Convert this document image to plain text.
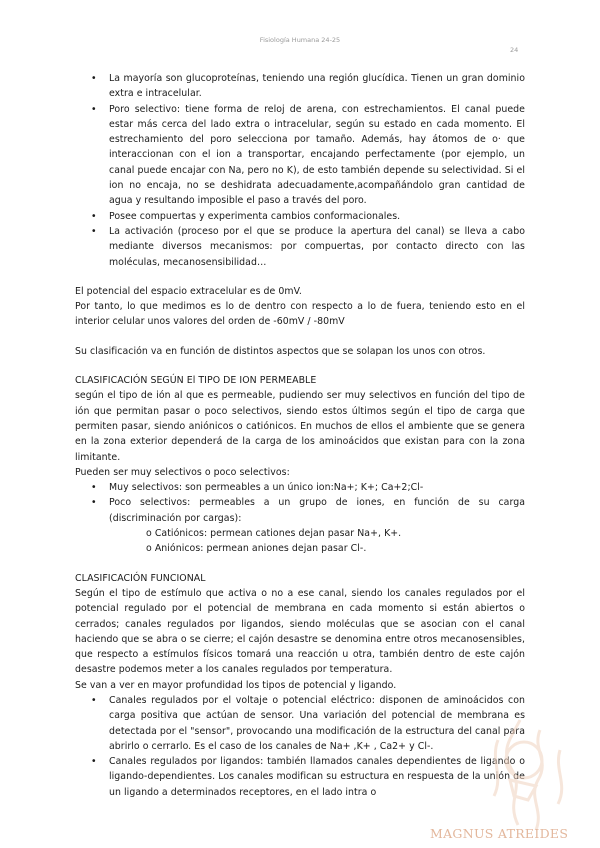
Fisiología Humana 24-25
24
• La mayoría son glucoproteínas, teniendo una región glucídica. Tienen un gran dominio extra e intracelular.
• Poro selectivo: tiene forma de reloj de arena, con estrechamientos. El canal puede estar más cerca del lado extra o intracelular, según su estado en cada momento. El estrechamiento del poro selecciona por tamaño. Además, hay átomos de o· que interaccionan con el ion a transportar, encajando perfectamente (por ejemplo, un canal puede encajar con Na, pero no K), de esto también depende su selectividad. Si el ion no encaja, no se deshidrata adecuadamente,acompañándolo gran cantidad de agua y resultando imposible el paso a través del poro.
• Posee compuertas y experimenta cambios conformacionales.
• La activación (proceso por el que se produce la apertura del canal) se lleva a cabo mediante diversos mecanismos: por compuertas, por contacto directo con las moléculas, mecanosensibilidad…

El potencial del espacio extracelular es de 0mV.

Por tanto, lo que medimos es lo de dentro con respecto a lo de fuera, teniendo esto en el interior celular unos valores del orden de -60mV / -80mV

Su clasificación va en función de distintos aspectos que se solapan los unos con otros.

CLASIFICACIÓN SEGÚN El TIPO DE ION PERMEABLE

según el tipo de ión al que es permeable, pudiendo ser muy selectivos en función del tipo de ión que permitan pasar o poco selectivos, siendo estos últimos según el tipo de carga que permiten pasar, siendo aniónicos o catiónicos. En muchos de ellos el ambiente que se genera en la zona exterior dependerá de la carga de los aminoácidos que existan para con la zona limitante.

Pueden ser muy selectivos o poco selectivos:

• Muy selectivos: son permeables a un único ion:Na+; K+; Ca+2;Cl-
• Poco selectivos: permeables a un grupo de iones, en función de su carga (discriminación por cargas):

o Catiónicos: permean cationes dejan pasar Na+, K+.

o Aniónicos: permean aniones dejan pasar Cl-.

CLASIFICACIÓN FUNCIONAL

Según el tipo de estímulo que activa o no a ese canal, siendo los canales regulados por el potencial regulado por el potencial de membrana en cada momento si están abiertos o cerrados; canales regulados por ligandos, siendo moléculas que se asocian con el canal haciendo que se abra o se cierre; el cajón desastre se denomina entre otros mecanosensibles, que respecto a estímulos físicos tomará una reacción u otra, también dentro de este cajón desastre podemos meter a los canales regulados por temperatura.

Se van a ver en mayor profundidad los tipos de potencial y ligando.

• Canales regulados por el voltaje o potencial eléctrico: disponen de aminoácidos con carga positiva que actúan de sensor. Una variación del potencial de membrana es detectada por el "sensor", provocando una modificación de la estructura del canal para abrirlo o cerrarlo. Es el caso de los canales de Na+ ,K+ , Ca2+ y Cl-.
• Canales regulados por ligandos: también llamados canales dependientes de ligando o ligando-dependientes. Los canales modifican su estructura en respuesta de la unión de un ligando a determinados receptores, en el lado intra o
MAGNUS ATREIDES
